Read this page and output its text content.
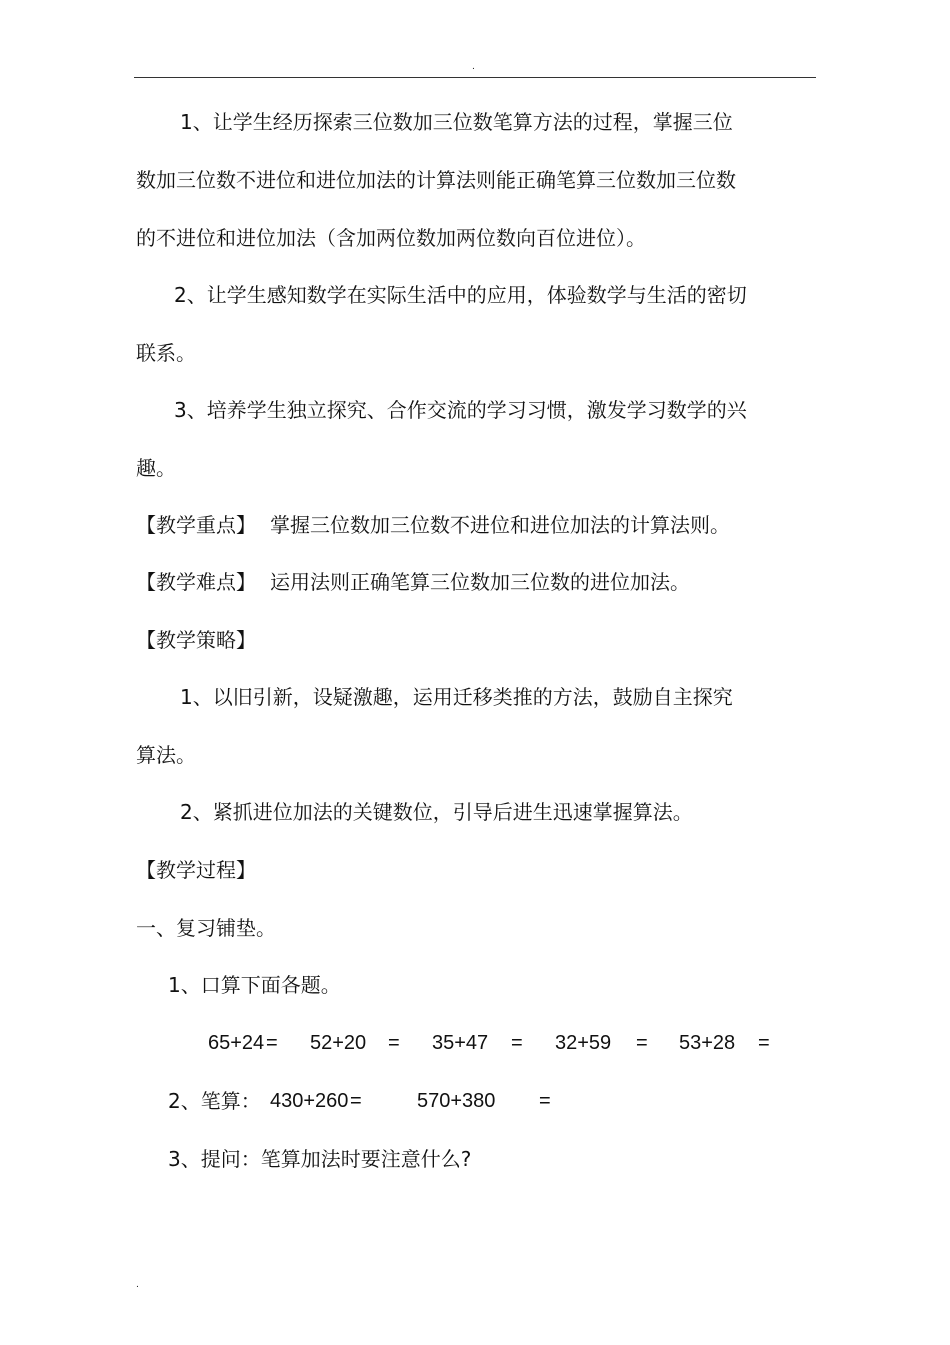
.
1、让学生经历探索三位数加三位数笔算方法的过程，掌握三位
数加三位数不进位和进位加法的计算法则能正确笔算三位数加三位数
的不进位和进位加法（含加两位数加两位数向百位进位）。
2、让学生感知数学在实际生活中的应用，体验数学与生活的密切
联系。
3、培养学生独立探究、合作交流的学习习惯，激发学习数学的兴
趣。
【教学重点】 掌握三位数加三位数不进位和进位加法的计算法则。
【教学难点】 运用法则正确笔算三位数加三位数的进位加法。
【教学策略】
1、以旧引新，设疑激趣，运用迁移类推的方法，鼓励自主探究
算法。
2、紧抓进位加法的关键数位，引导后进生迅速掌握算法。
【教学过程】
一、复习铺垫。
1、口算下面各题。
65+24 = 52+20 = 35+47 = 32+59 = 53+28 =
2、笔算： 430+260 =	570+380 =
3、提问：笔算加法时要注意什么?
.
